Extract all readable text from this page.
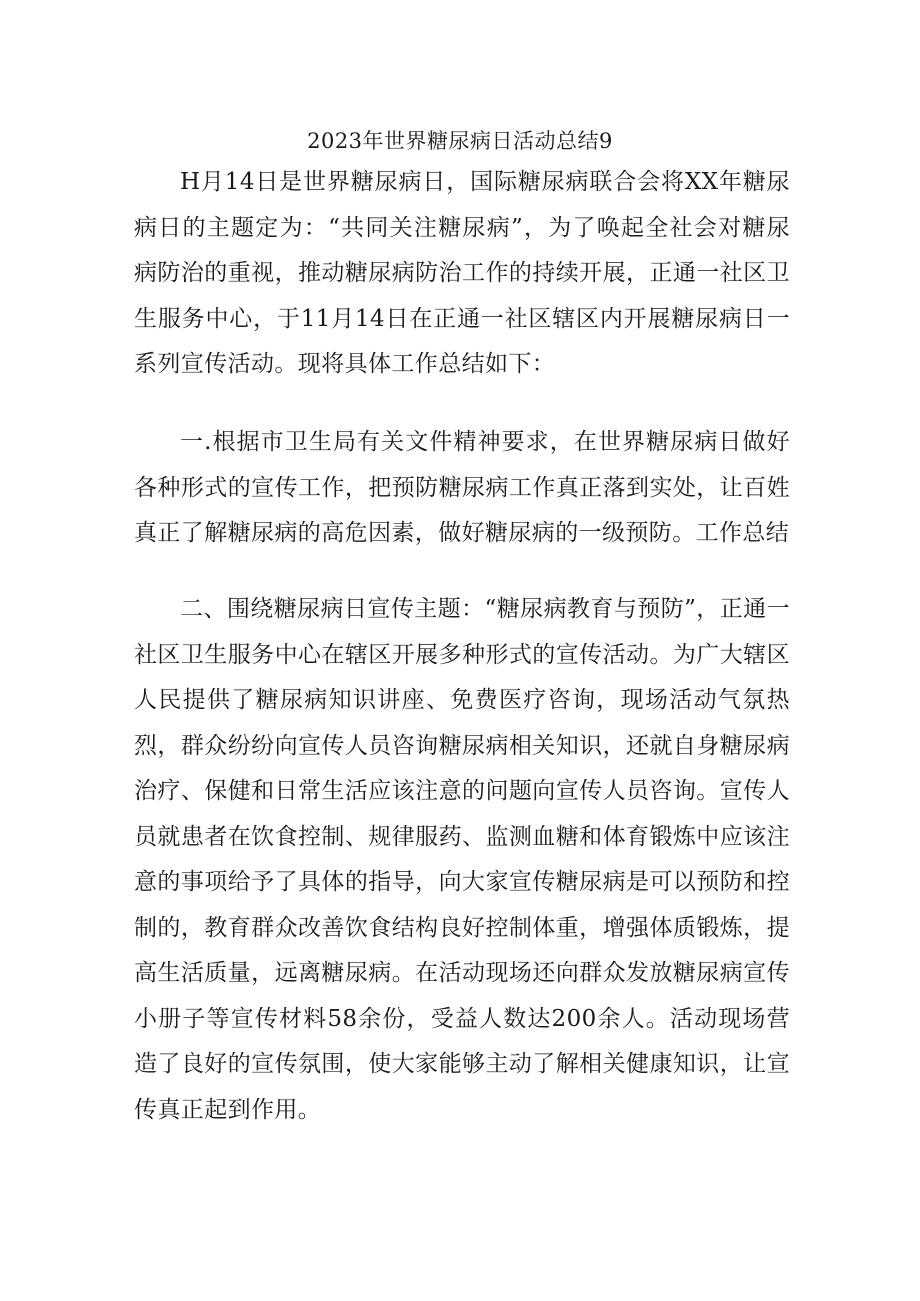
2023年世界糖尿病日活动总结9

H月14日是世界糖尿病日，国际糖尿病联合会将XX年糖尿病日的主题定为：“共同关注糖尿病”，为了唤起全社会对糖尿病防治的重视，推动糖尿病防治工作的持续开展，正通一社区卫生服务中心，于11月14日在正通一社区辖区内开展糖尿病日一系列宣传活动。现将具体工作总结如下：

一.根据市卫生局有关文件精神要求，在世界糖尿病日做好各种形式的宣传工作，把预防糖尿病工作真正落到实处，让百姓真正了解糖尿病的高危因素，做好糖尿病的一级预防。工作总结

二、围绕糖尿病日宣传主题：“糖尿病教育与预防”，正通一社区卫生服务中心在辖区开展多种形式的宣传活动。为广大辖区人民提供了糖尿病知识讲座、免费医疗咨询，现场活动气氛热烈，群众纷纷向宣传人员咨询糖尿病相关知识，还就自身糖尿病治疗、保健和日常生活应该注意的问题向宣传人员咨询。宣传人员就患者在饮食控制、规律服药、监测血糖和体育锻炼中应该注意的事项给予了具体的指导，向大家宣传糖尿病是可以预防和控制的，教育群众改善饮食结构良好控制体重，增强体质锻炼，提高生活质量，远离糖尿病。在活动现场还向群众发放糖尿病宣传小册子等宣传材料58余份，受益人数达200余人。活动现场营造了良好的宣传氛围，使大家能够主动了解相关健康知识，让宣传真正起到作用。
